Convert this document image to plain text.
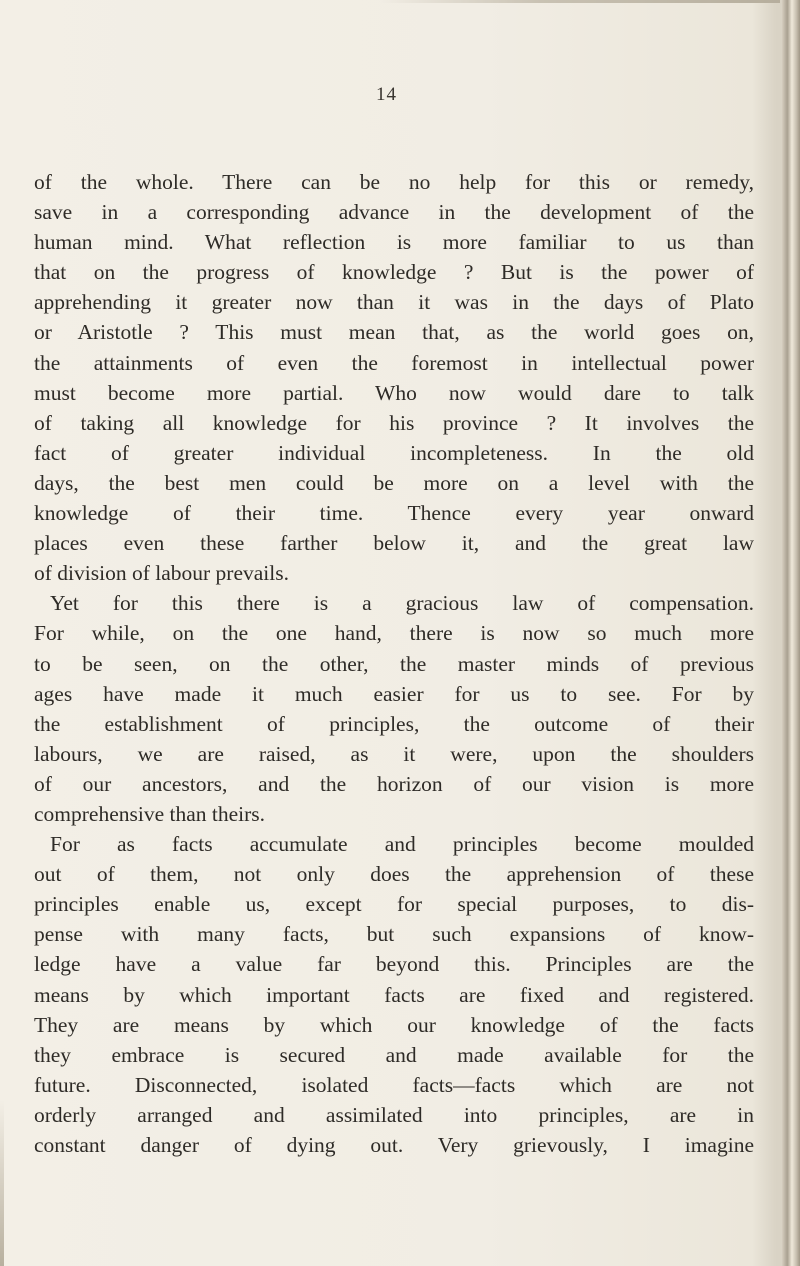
14
of the whole. There can be no help for this or remedy,
save in a corresponding advance in the development of the
human mind. What reflection is more familiar to us than
that on the progress of knowledge ? But is the power of
apprehending it greater now than it was in the days of Plato
or Aristotle ? This must mean that, as the world goes on,
the attainments of even the foremost in intellectual power
must become more partial. Who now would dare to talk
of taking all knowledge for his province ? It involves the
fact of greater individual incompleteness. In the old
days, the best men could be more on a level with the
knowledge of their time. Thence every year onward
places even these farther below it, and the great law
of division of labour prevails.
Yet for this there is a gracious law of compensation.
For while, on the one hand, there is now so much more
to be seen, on the other, the master minds of previous
ages have made it much easier for us to see. For by
the establishment of principles, the outcome of their
labours, we are raised, as it were, upon the shoulders
of our ancestors, and the horizon of our vision is more
comprehensive than theirs.
For as facts accumulate and principles become moulded
out of them, not only does the apprehension of these
principles enable us, except for special purposes, to dis-
pense with many facts, but such expansions of know-
ledge have a value far beyond this. Principles are the
means by which important facts are fixed and registered.
They are means by which our knowledge of the facts
they embrace is secured and made available for the
future. Disconnected, isolated facts—facts which are not
orderly arranged and assimilated into principles, are in
constant danger of dying out. Very grievously, I imagine
